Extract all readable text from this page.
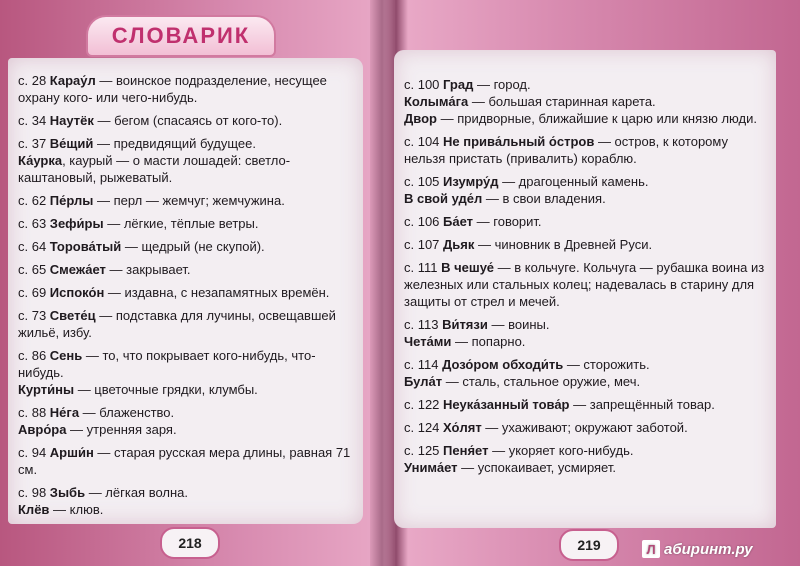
с. 28 Карау́л — воинское подразделение, несущее охрану кого- или чего-нибудь.
с. 34 Наутёк — бегом (спасаясь от кого-то).
с. 37 Ве́щий — предвидящий будущее.
Ка́урка, каурый — о масти лошадей: светло-каштановый, рыжеватый.
с. 62 Пе́рлы — перл — жемчуг; жемчужина.
с. 63 Зефи́ры — лёгкие, тёплые ветры.
с. 64 Торова́тый — щедрый (не скупой).
с. 65 Смежа́ет — закрывает.
с. 69 Испоко́н — издавна, с незапамятных времён.
с. 73 Свете́ц — подставка для лучины, освещавшей жильё, избу.
с. 86 Сень — то, что покрывает кого-нибудь, что-нибудь.
Курти́ны — цветочные грядки, клумбы.
с. 88 Не́га — блаженство.
Авро́ра — утренняя заря.
с. 94 Арши́н — старая русская мера длины, равная 71 см.
с. 98 Зыбь — лёгкая волна.
Клёв — клюв.
СЛОВАРИК
с. 100 Град — город.
Колыма́га — большая старинная карета.
Двор — придворные, ближайшие к царю или князю люди.
с. 104 Не прива́льный о́стров — остров, к которому нельзя пристать (привалить) кораблю.
с. 105 Изумру́д — драгоценный камень.
В свой уде́л — в свои владения.
с. 106 Ба́ет — говорит.
с. 107 Дьяк — чиновник в Древней Руси.
с. 111 В чешуе́ — в кольчуге. Кольчуга — рубашка воина из железных или стальных колец; надевалась в старину для защиты от стрел и мечей.
с. 113 Ви́тязи — воины.
Чета́ми — попарно.
с. 114 Дозо́ром обходи́ть — сторожить.
Була́т — сталь, стальное оружие, меч.
с. 122 Неука́занный това́р — запрещённый товар.
с. 124 Хо́лят — ухаживают; окружают заботой.
с. 125 Пеня́ет — укоряет кого-нибудь.
Унима́ет — успокаивает, усмиряет.
218	219	Л абиринт.ру
